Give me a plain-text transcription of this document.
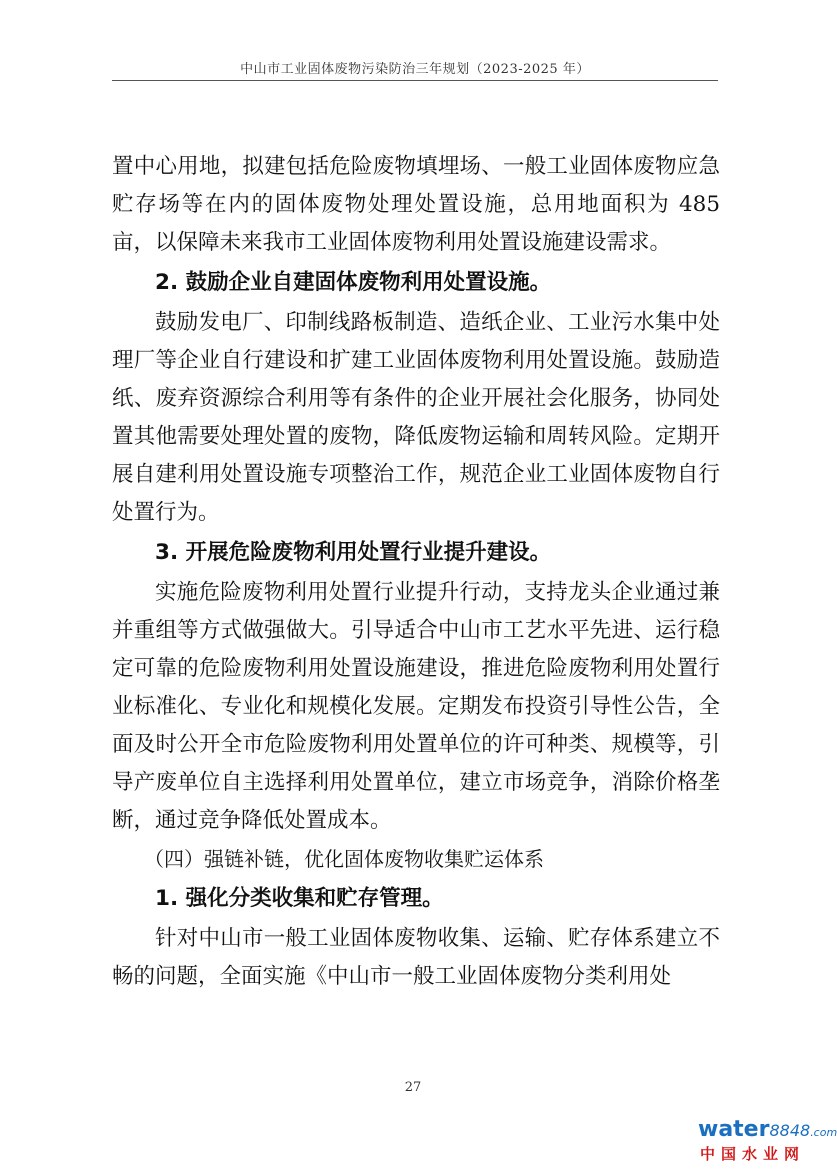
中山市工业固体废物污染防治三年规划（2023-2025 年）

置中心用地，拟建包括危险废物填埋场、一般工业固体废物应急贮存场等在内的固体废物处理处置设施，总用地面积为 485 亩，以保障未来我市工业固体废物利用处置设施建设需求。

2. 鼓励企业自建固体废物利用处置设施。

鼓励发电厂、印制线路板制造、造纸企业、工业污水集中处理厂等企业自行建设和扩建工业固体废物利用处置设施。鼓励造纸、废弃资源综合利用等有条件的企业开展社会化服务，协同处置其他需要处理处置的废物，降低废物运输和周转风险。定期开展自建利用处置设施专项整治工作，规范企业工业固体废物自行处置行为。

3. 开展危险废物利用处置行业提升建设。

实施危险废物利用处置行业提升行动，支持龙头企业通过兼并重组等方式做强做大。引导适合中山市工艺水平先进、运行稳定可靠的危险废物利用处置设施建设，推进危险废物利用处置行业标准化、专业化和规模化发展。定期发布投资引导性公告，全面及时公开全市危险废物利用处置单位的许可种类、规模等，引导产废单位自主选择利用处置单位，建立市场竞争，消除价格垄断，通过竞争降低处置成本。

（四）强链补链，优化固体废物收集贮运体系

1. 强化分类收集和贮存管理。

针对中山市一般工业固体废物收集、运输、贮存体系建立不畅的问题，全面实施《中山市一般工业固体废物分类利用处

27
water8848.com
中国水业网
